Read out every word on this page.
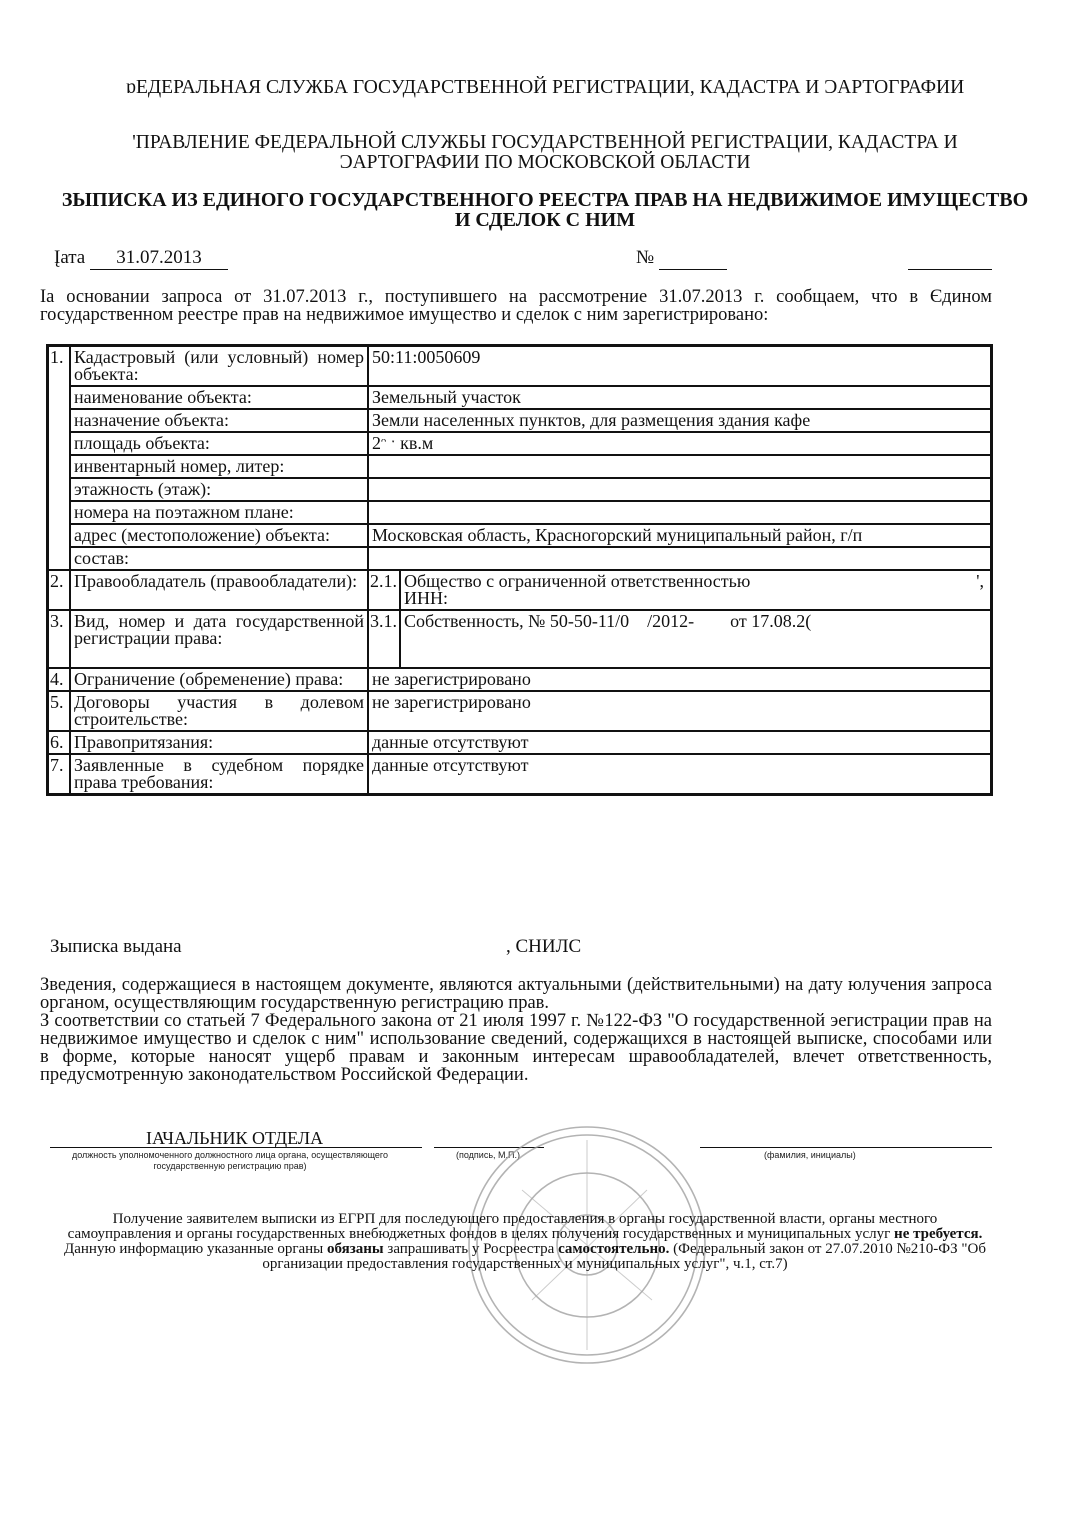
ɒЕДЕРАЛЬНАЯ СЛУЖБА ГОСУДАРСТВЕННОЙ РЕГИСТРАЦИИ, КАДАСТРА И ƆАРТОГРАФИИ
'ПРАВЛЕНИЕ ФЕДЕРАЛЬНОЙ СЛУЖБЫ ГОСУДАРСТВЕННОЙ РЕГИСТРАЦИИ, КАДАСТРА И ƆАРТОГРАФИИ ПО МОСКОВСКОЙ ОБЛАСТИ
ЗЫПИСКА ИЗ ЕДИНОГО ГОСУДАРСТВЕННОГО РЕЕСТРА ПРАВ НА НЕДВИЖИМОЕ ИМУЩЕСТВО И СДЕЛОК С НИМ
Įата 31.07.2013	№

Іа основании запроса от 31.07.2013 г., поступившего на рассмотрение 31.07.2013 г. сообщаем, что в Єдином государственном реестре прав на недвижимое имущество и сделок с ним зарегистрировано:

1.	Кадастровый (или условный) номер объекта:	50:11:0050609	
	наименование объекта:	Земельный участок	
	назначение объекта:	Земли населенных пунктов, для размещения здания кафе	
	площадь объекта:	2ᵔ ˑ кв.м	
	инвентарный номер, литер:		
	этажность (этаж):		
	номера на поэтажном плане:		
	адрес (местоположение) объекта:	Московская область, Красногорский муниципальный район, г/п	
	состав:		
2.	Правообладатель (правообладатели):	2.1.	Общество с ограниченной ответственностью ',

ИНН:
3.	Вид, номер и дата государственной регистрации права:	3.1.	Собственность, № 50-50-11/0    /2012-        от 17.08.2(
4.	Ограничение (обременение) права:	не зарегистрировано	
5.	Договоры участия в долевом строительстве:	не зарегистрировано	
6.	Правопритязания:	данные отсутствуют	
7.	Заявленные в судебном порядке права требования:	данные отсутствуют	
Зыписка выдана	, СНИЛС

Зведения, содержащиеся в настоящем документе, являются актуальными (действительными) на дату юлучения запроса органом, осуществляющим государственную регистрацию прав.

З соответствии со статьей 7 Федерального закона от 21 июля 1997 г. №122-ФЗ "О государственной эегистрации прав на недвижимое имущество и сделок с ним" использование сведений, содержащихся в настоящей выписке, способами или в форме, которые наносят ущерб правам и законным интересам шравообладателей, влечет ответственность, предусмотренную законодательством Российской Федерации.

ІАЧАЛЬНИК ОТДЕЛА
должность уполномоченного должностного лица органа, осуществляющего государственную регистрацию прав)
(подпись, М.П.)	(фамилия, инициалы)
Получение заявителем выписки из ЕГРП для последующего предоставления в органы государственной власти, органы местного самоуправления и органы государственных внебюджетных фондов в целях получения государственных и муниципальных услуг не требуется. Данную информацию указанные органы обязаны запрашивать у Росреестра самостоятельно. (Федеральный закон от 27.07.2010 №210-ФЗ "Об организации предоставления государственных и муниципальных услуг", ч.1, ст.7)
